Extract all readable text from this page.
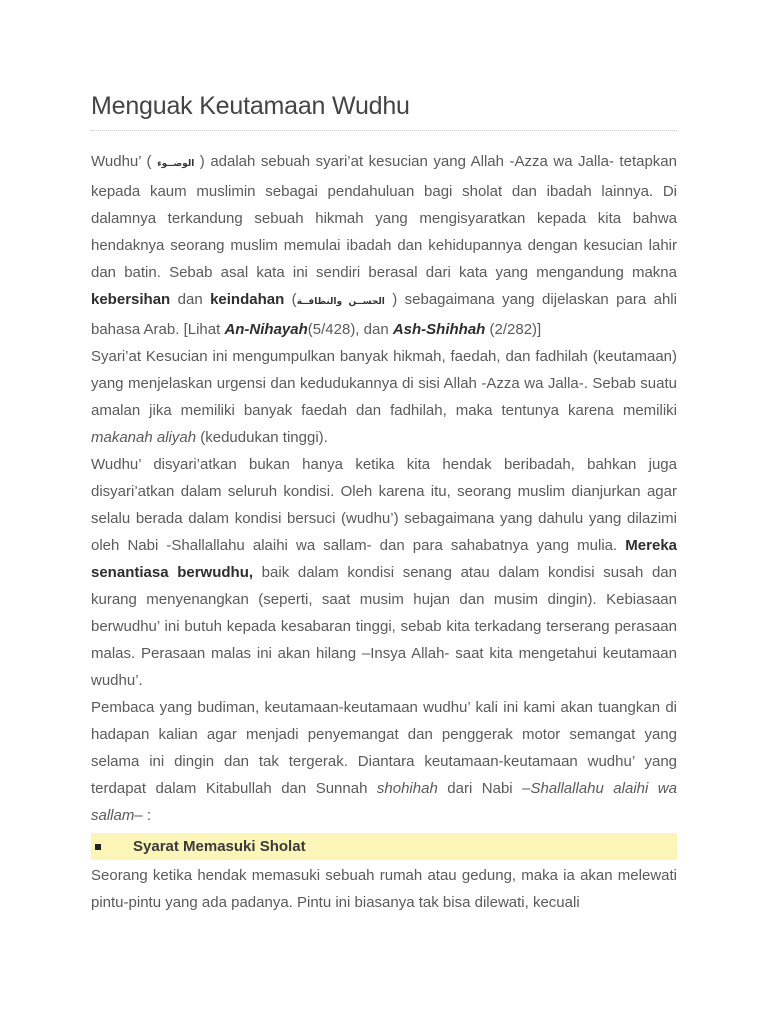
Menguak Keutamaan Wudhu

Wudhu’ ( الوضــوء ) adalah sebuah syari’at kesucian yang Allah -Azza wa Jalla- tetapkan kepada kaum muslimin sebagai pendahuluan bagi sholat dan ibadah lainnya. Di dalamnya terkandung sebuah hikmah yang mengisyaratkan kepada kita bahwa hendaknya seorang muslim memulai ibadah dan kehidupannya dengan kesucian lahir dan batin. Sebab asal kata ini sendiri berasal dari kata yang mengandung makna kebersihan dan keindahan (الحســن والنظافــة ) sebagaimana yang dijelaskan para ahli bahasa Arab. [Lihat An-Nihayah(5/428), dan Ash-Shihhah (2/282)]

Syari’at Kesucian ini mengumpulkan banyak hikmah, faedah, dan fadhilah (keutamaan) yang menjelaskan urgensi dan kedudukannya di sisi Allah -Azza wa Jalla-. Sebab suatu amalan jika memiliki banyak faedah dan fadhilah, maka tentunya karena memiliki makanah aliyah (kedudukan tinggi).

Wudhu’ disyari’atkan bukan hanya ketika kita hendak beribadah, bahkan juga disyari’atkan dalam seluruh kondisi. Oleh karena itu, seorang muslim dianjurkan agar selalu berada dalam kondisi bersuci (wudhu’) sebagaimana yang dahulu yang dilazimi oleh Nabi -Shallallahu alaihi wa sallam- dan para sahabatnya yang mulia. Mereka senantiasa berwudhu, baik dalam kondisi senang atau dalam kondisi susah dan kurang menyenangkan (seperti, saat musim hujan dan musim dingin). Kebiasaan berwudhu’ ini butuh kepada kesabaran tinggi, sebab kita terkadang terserang perasaan malas. Perasaan malas ini akan hilang –Insya Allah- saat kita mengetahui keutamaan wudhu’.

Pembaca yang budiman, keutamaan-keutamaan wudhu’ kali ini kami akan tuangkan di hadapan kalian agar menjadi penyemangat dan penggerak motor semangat yang selama ini dingin dan tak tergerak. Diantara keutamaan-keutamaan wudhu’ yang terdapat dalam Kitabullah dan Sunnah shohihah dari Nabi –Shallallahu alaihi wa sallam– :

Syarat Memasuki Sholat

Seorang ketika hendak memasuki sebuah rumah atau gedung, maka ia akan melewati pintu-pintu yang ada padanya. Pintu ini biasanya tak bisa dilewati, kecuali
